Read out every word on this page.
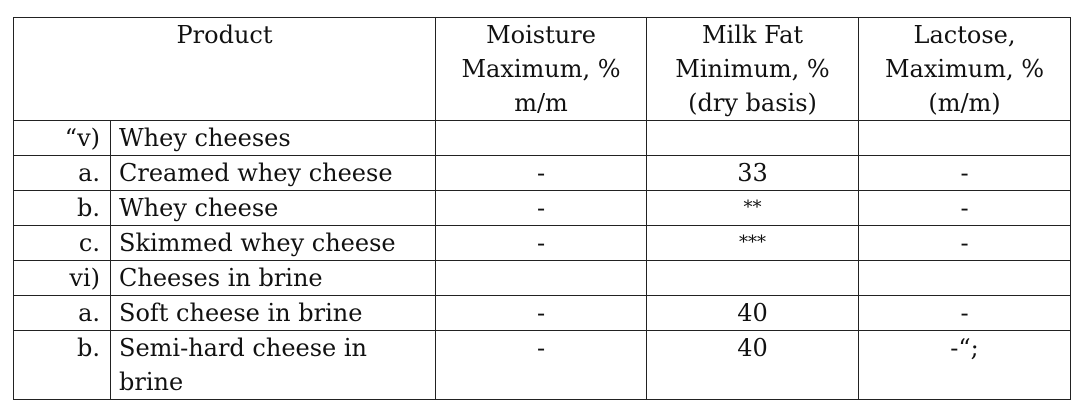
Product		Moisture Maximum, % m/m	Milk Fat Minimum, % (dry basis)	Lactose, Maximum, % (m/m)
“v)	Whey cheeses			
a.	Creamed whey cheese	-	33	-
b.	Whey cheese	-	**	-
c.	Skimmed whey cheese	-	***	-
vi)	Cheeses in brine			
a.	Soft cheese in brine	-	40	-
b.	Semi-hard cheese in brine	-	40	-“;
